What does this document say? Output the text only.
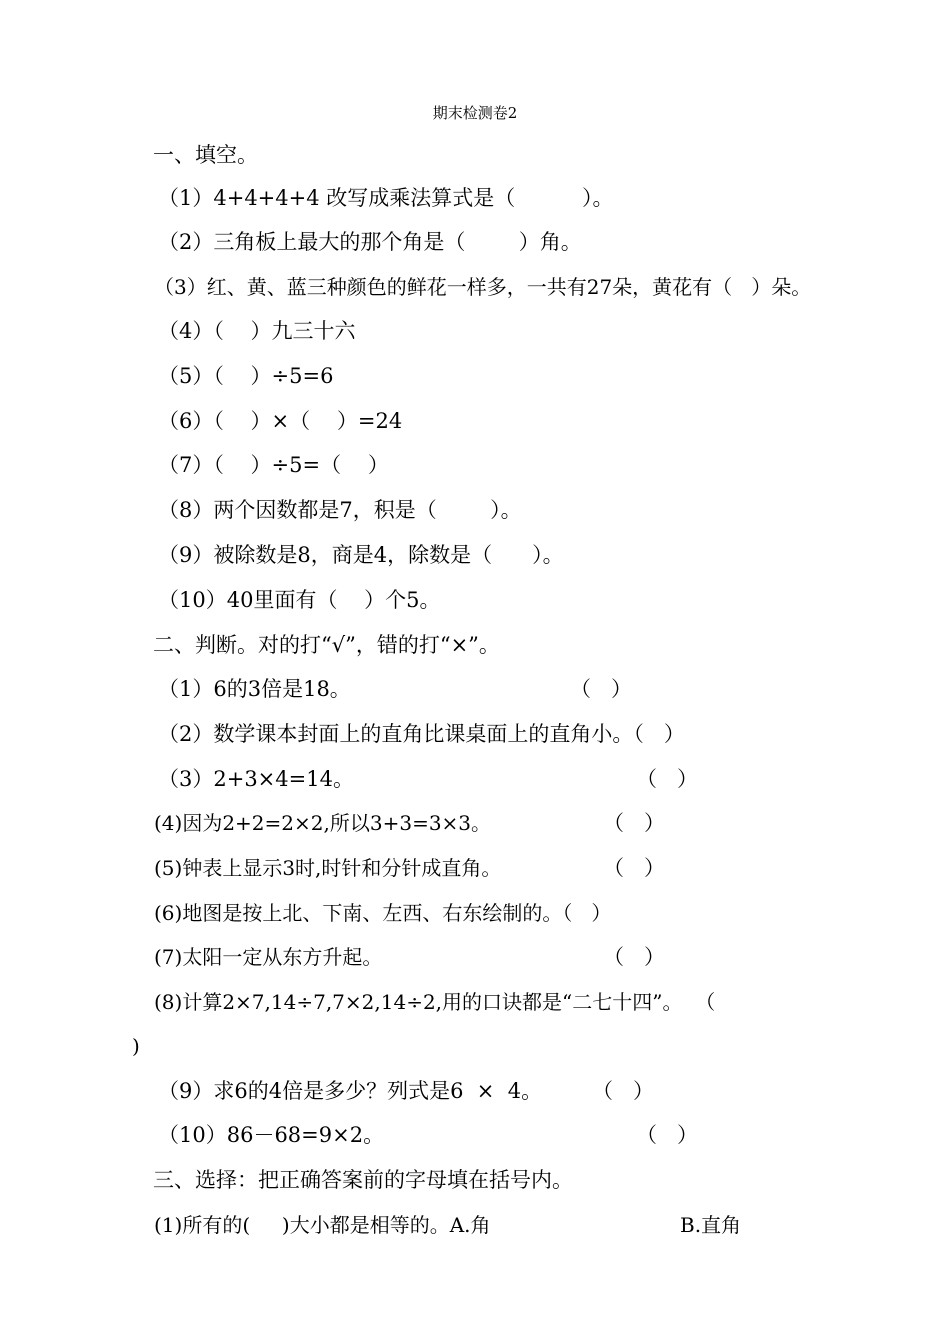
期末检测卷2
一、填空。
（1）4+4+4+4 改写成乘法算式是（          ）。
（2）三角板上最大的那个角是（        ）角。
（3）红、黄、蓝三种颜色的鲜花一样多，一共有27朵，黄花有（   ）朵。
（4）（    ）九三十六
（5）（    ）÷5=6
（6）（    ）×（    ）=24
（7）（    ）÷5=（    ）
（8）两个因数都是7，积是（        ）。
（9）被除数是8，商是4，除数是（      ）。
（10）40里面有（    ）个5。
二、判断。对的打“√”，错的打“×”。
（1）6的3倍是18。	（   ）
（2）数学课本封面上的直角比课桌面上的直角小。（   ）
（3）2+3×4=14。	（   ）
(4)因为2+2=2×2,所以3+3=3×3。	（   ）
(5)钟表上显示3时,时针和分针成直角。	（   ）
(6)地图是按上北、下南、左西、右东绘制的。（   ）
(7)太阳一定从东方升起。	（   ）
(8)计算2×7,14÷7,7×2,14÷2,用的口诀都是“二七十四”。  （
)
（9）求6的4倍是多少？列式是6  ×  4。 （   ）
（10）86－68=9×2。	（   ）
三、选择：把正确答案前的字母填在括号内。
(1)所有的(     )大小都是相等的。A.角	B.直角
